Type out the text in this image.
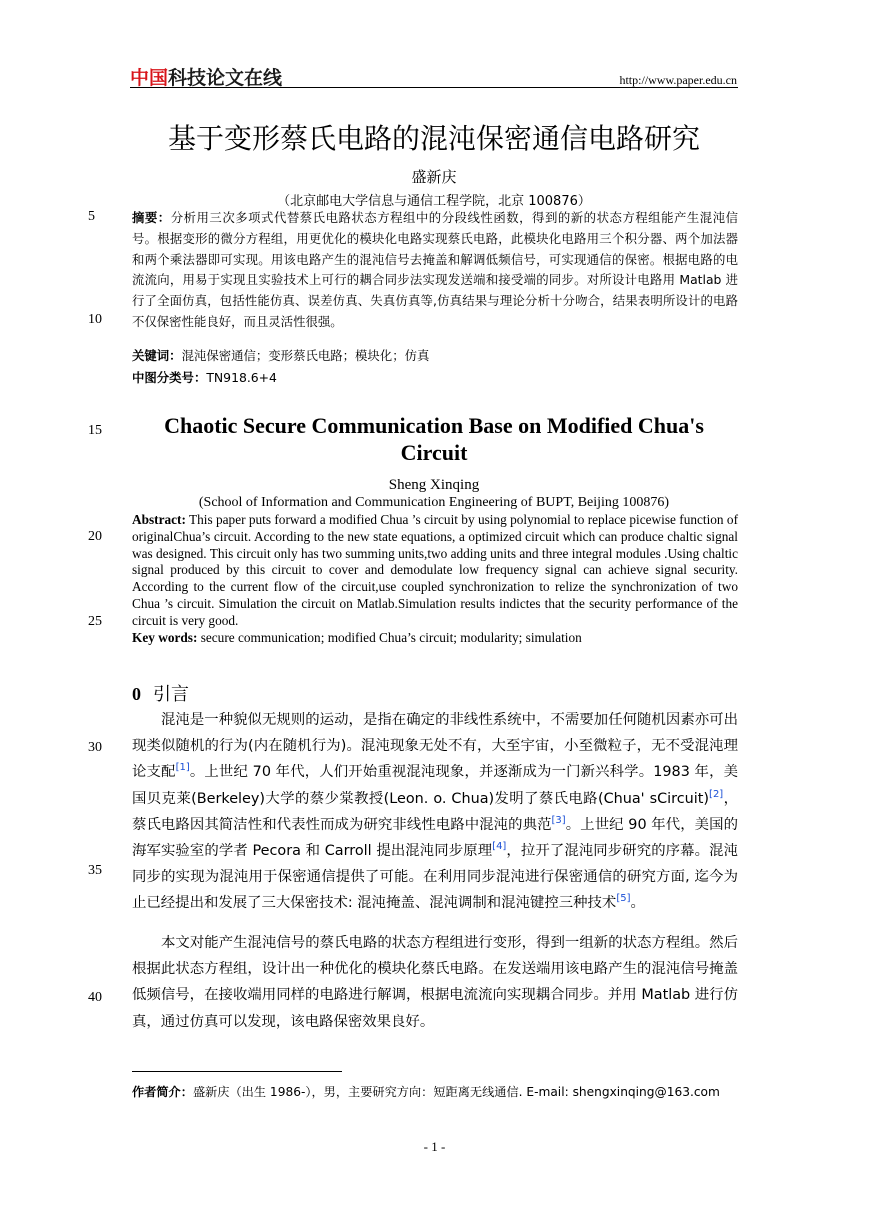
中国科技论文在线	http://www.paper.edu.cn
基于变形蔡氏电路的混沌保密通信电路研究
盛新庆
（北京邮电大学信息与通信工程学院，北京 100876）
5
10
15
20
25
30
35
40

摘要：分析用三次多项式代替蔡氏电路状态方程组中的分段线性函数，得到的新的状态方程组能产生混沌信号。根据变形的微分方程组，用更优化的模块化电路实现蔡氏电路，此模块化电路用三个积分器、两个加法器和两个乘法器即可实现。用该电路产生的混沌信号去掩盖和解调低频信号，可实现通信的保密。根据电路的电流流向，用易于实现且实验技术上可行的耦合同步法实现发送端和接受端的同步。对所设计电路用 Matlab 进行了全面仿真，包括性能仿真、误差仿真、失真仿真等,仿真结果与理论分析十分吻合，结果表明所设计的电路不仅保密性能良好，而且灵活性很强。

关键词：混沌保密通信；变形蔡氏电路；模块化；仿真
中图分类号：TN918.6+4

Chaotic Secure Communication Base on Modified Chua's
Circuit

Sheng Xinqing
(School of Information and Communication Engineering of BUPT, Beijing 100876)

Abstract: This paper puts forward a modified Chua ’s circuit by using polynomial to replace picewise function of originalChua’s circuit. According to the new state equations, a optimized circuit which can produce chaltic signal was designed. This circuit only has two summing units,two adding units and three integral modules .Using chaltic signal produced by this circuit to cover and demodulate low frequency signal can achieve signal security. According to the current flow of the circuit,use coupled synchronization to relize the synchronization of two Chua ’s circuit. Simulation the circuit on Matlab.Simulation results indictes that the security performance of the circuit is very good.

Key words: secure communication; modified Chua’s circuit; modularity; simulation
0 引言

混沌是一种貌似无规则的运动，是指在确定的非线性系统中，不需要加任何随机因素亦可出现类似随机的行为(内在随机行为)。混沌现象无处不有，大至宇宙，小至微粒子，无不受混沌理论支配[1]。上世纪 70 年代，人们开始重视混沌现象，并逐渐成为一门新兴科学。1983 年，美国贝克莱(Berkeley)大学的蔡少棠教授(Leon. o. Chua)发明了蔡氏电路(Chua' sCircuit)[2]，蔡氏电路因其简洁性和代表性而成为研究非线性电路中混沌的典范[3]。上世纪 90 年代，美国的海军实验室的学者 Pecora 和 Carroll 提出混沌同步原理[4]，拉开了混沌同步研究的序幕。混沌同步的实现为混沌用于保密通信提供了可能。在利用同步混沌进行保密通信的研究方面, 迄今为止已经提出和发展了三大保密技术: 混沌掩盖、混沌调制和混沌键控三种技术[5]。

本文对能产生混沌信号的蔡氏电路的状态方程组进行变形，得到一组新的状态方程组。然后根据此状态方程组，设计出一种优化的模块化蔡氏电路。在发送端用该电路产生的混沌信号掩盖低频信号，在接收端用同样的电路进行解调，根据电流流向实现耦合同步。并用 Matlab 进行仿真，通过仿真可以发现，该电路保密效果良好。

作者简介：盛新庆（出生 1986-），男，主要研究方向：短距离无线通信. E-mail: shengxinqing@163.com
- 1 -
